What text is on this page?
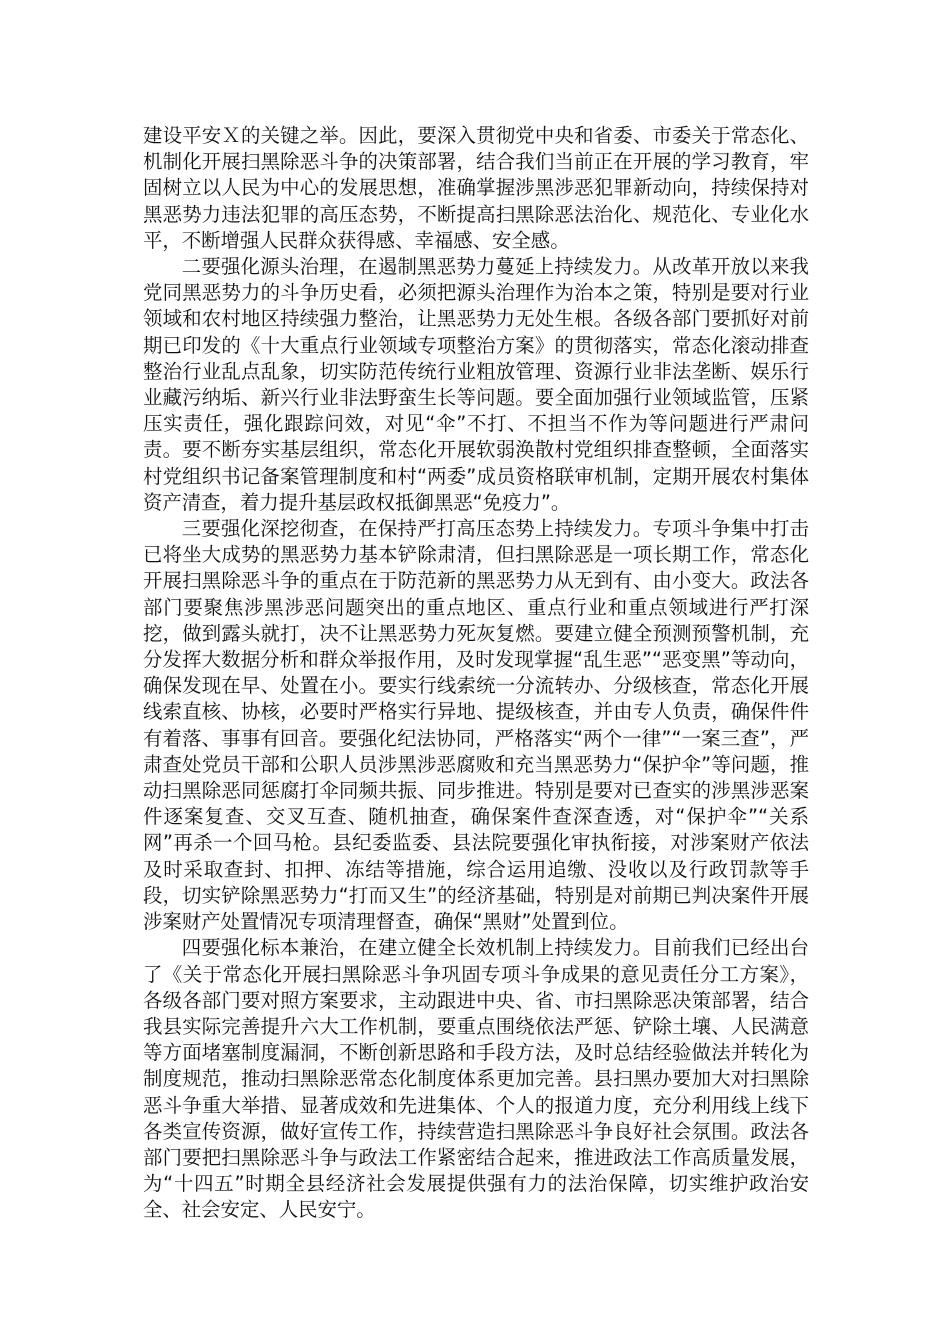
建设平安Ｘ的关键之举。因此，要深入贯彻党中央和省委、市委关于常态化、机制化开展扫黑除恶斗争的决策部署，结合我们当前正在开展的学习教育，牢固树立以人民为中心的发展思想，准确掌握涉黑涉恶犯罪新动向，持续保持对黑恶势力违法犯罪的高压态势，不断提高扫黑除恶法治化、规范化、专业化水平，不断增强人民群众获得感、幸福感、安全感。

二要强化源头治理，在遏制黑恶势力蔓延上持续发力。从改革开放以来我党同黑恶势力的斗争历史看，必须把源头治理作为治本之策，特别是要对行业领域和农村地区持续强力整治，让黑恶势力无处生根。各级各部门要抓好对前期已印发的《十大重点行业领域专项整治方案》的贯彻落实，常态化滚动排查整治行业乱点乱象，切实防范传统行业粗放管理、资源行业非法垄断、娱乐行业藏污纳垢、新兴行业非法野蛮生长等问题。要全面加强行业领域监管，压紧压实责任，强化跟踪问效，对见“伞”不打、不担当不作为等问题进行严肃问责。要不断夯实基层组织，常态化开展软弱涣散村党组织排查整顿，全面落实村党组织书记备案管理制度和村“两委”成员资格联审机制，定期开展农村集体资产清查，着力提升基层政权抵御黑恶“免疫力”。

三要强化深挖彻查，在保持严打高压态势上持续发力。专项斗争集中打击已将坐大成势的黑恶势力基本铲除肃清，但扫黑除恶是一项长期工作，常态化开展扫黑除恶斗争的重点在于防范新的黑恶势力从无到有、由小变大。政法各部门要聚焦涉黑涉恶问题突出的重点地区、重点行业和重点领域进行严打深挖，做到露头就打，决不让黑恶势力死灰复燃。要建立健全预测预警机制，充分发挥大数据分析和群众举报作用，及时发现掌握“乱生恶”“恶变黑”等动向，确保发现在早、处置在小。要实行线索统一分流转办、分级核查，常态化开展线索直核、协核，必要时严格实行异地、提级核查，并由专人负责，确保件件有着落、事事有回音。要强化纪法协同，严格落实“两个一律”“一案三查”，严肃查处党员干部和公职人员涉黑涉恶腐败和充当黑恶势力“保护伞”等问题，推动扫黑除恶同惩腐打伞同频共振、同步推进。特别是要对已查实的涉黑涉恶案件逐案复查、交叉互查、随机抽查，确保案件查深查透，对“保护伞”“关系网”再杀一个回马枪。县纪委监委、县法院要强化审执衔接，对涉案财产依法及时采取查封、扣押、冻结等措施，综合运用追缴、没收以及行政罚款等手段，切实铲除黑恶势力“打而又生”的经济基础，特别是对前期已判决案件开展涉案财产处置情况专项清理督查，确保“黑财”处置到位。

四要强化标本兼治，在建立健全长效机制上持续发力。目前我们已经出台了《关于常态化开展扫黑除恶斗争巩固专项斗争成果的意见责任分工方案》，各级各部门要对照方案要求，主动跟进中央、省、市扫黑除恶决策部署，结合我县实际完善提升六大工作机制，要重点围绕依法严惩、铲除土壤、人民满意等方面堵塞制度漏洞，不断创新思路和手段方法，及时总结经验做法并转化为制度规范，推动扫黑除恶常态化制度体系更加完善。县扫黑办要加大对扫黑除恶斗争重大举措、显著成效和先进集体、个人的报道力度，充分利用线上线下各类宣传资源，做好宣传工作，持续营造扫黑除恶斗争良好社会氛围。政法各部门要把扫黑除恶斗争与政法工作紧密结合起来，推进政法工作高质量发展，为“十四五”时期全县经济社会发展提供强有力的法治保障，切实维护政治安全、社会安定、人民安宁。
